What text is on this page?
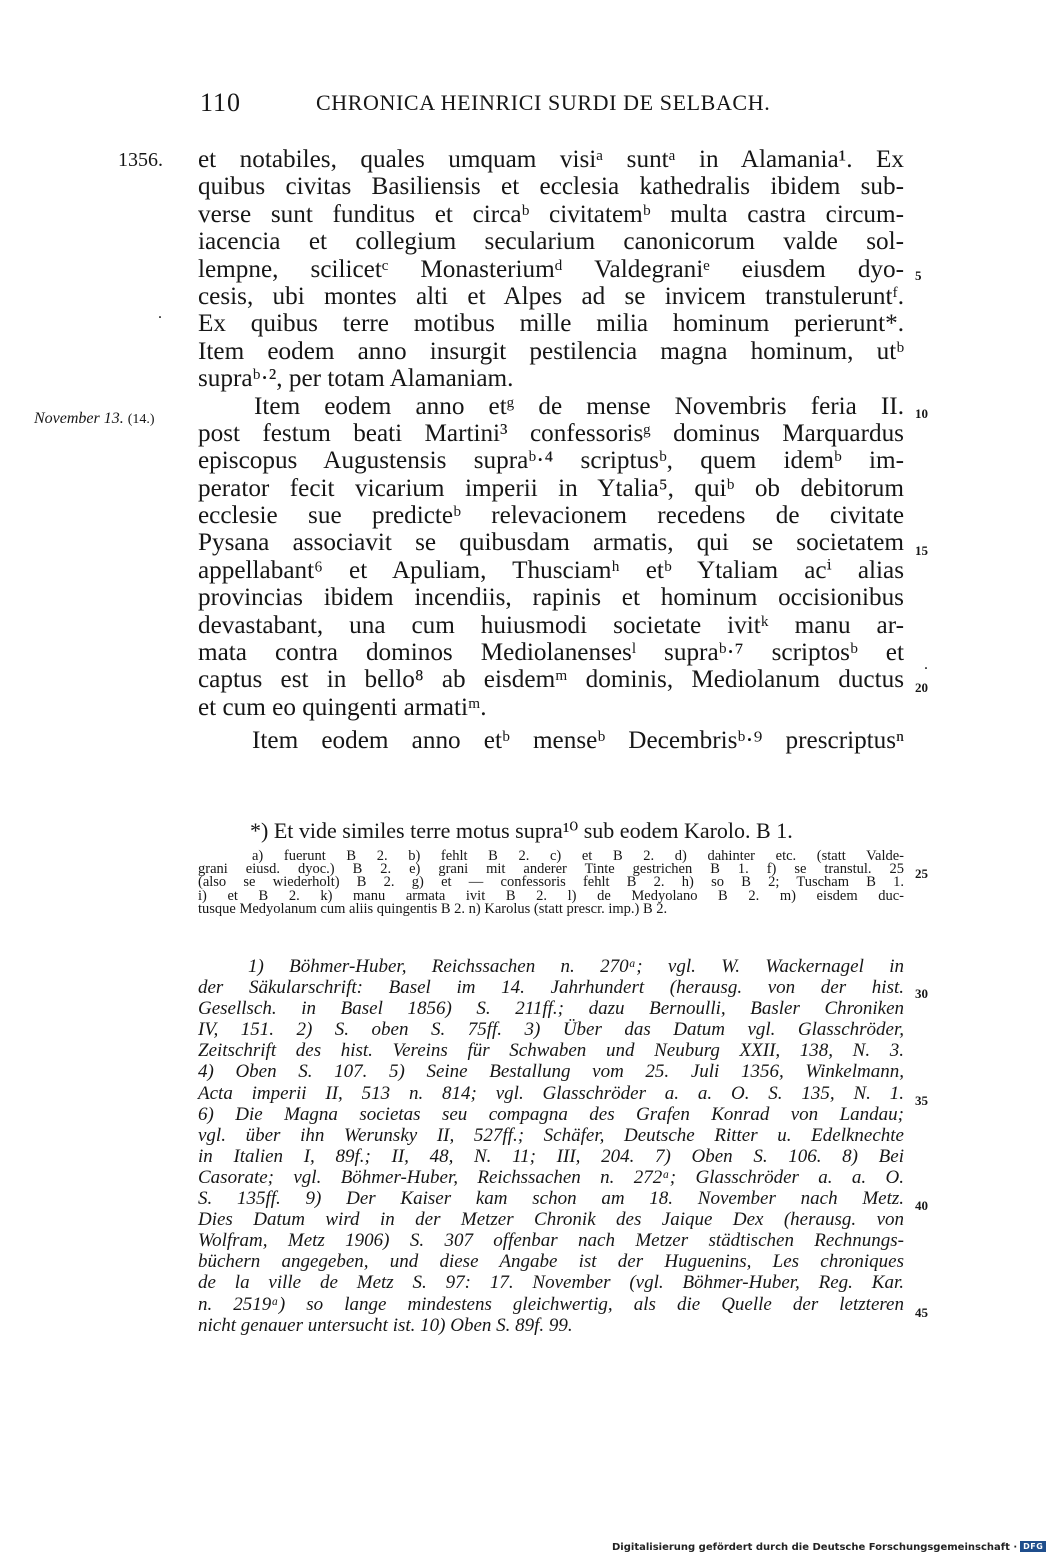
110	CHRONICA HEINRICI SURDI DE SELBACH.
1356.
November 13. (14.)
.
.
5
10
15
20
25
30
35
40
45
et notabiles, quales umquam visiᵃ suntᵃ in Alamania¹. Ex
quibus civitas Basiliensis et ecclesia kathedralis ibidem sub-
verse sunt funditus et circaᵇ civitatemᵇ multa castra circum-
iacencia et collegium secularium canonicorum valde sol-
lempne, scilicetᶜ Monasteriumᵈ Valdegraniᵉ eiusdem dyo-
cesis, ubi montes alti et Alpes ad se invicem transtuleruntᶠ.
Ex quibus terre motibus mille milia hominum perierunt*.
Item eodem anno insurgit pestilencia magna hominum, utᵇ
supraᵇ·², per totam Alamaniam.
Item eodem anno etᵍ de mense Novembris feria II.
post festum beati Martini³ confessorisᵍ dominus Marquardus
episcopus Augustensis supraᵇ·⁴ scriptusᵇ, quem idemᵇ im-
perator fecit vicarium imperii in Ytalia⁵, quiᵇ ob debitorum
ecclesie sue predicteᵇ relevacionem recedens de civitate
Pysana associavit se quibusdam armatis, qui se societatem
appellabant⁶ et Apuliam, Thusciamʰ etᵇ Ytaliam acⁱ alias
provincias ibidem incendiis, rapinis et hominum occisionibus
devastabant, una cum huiusmodi societate ivitᵏ manu ar-
mata contra dominos Mediolanensesˡ supraᵇ·⁷ scriptosᵇ et
captus est in bello⁸ ab eisdemᵐ dominis, Mediolanum ductus
et cum eo quingenti armatiᵐ.
Item eodem anno etᵇ menseᵇ Decembrisᵇ·⁹ prescriptusⁿ
*) Et vide similes terre motus supra¹⁰ sub eodem Karolo. B 1.
a) fuerunt B 2. b) fehlt B 2. c) et B 2. d) dahinter etc. (statt Valde-
grani eiusd. dyoc.) B 2. e) grani mit anderer Tinte gestrichen B 1. f) se transtul. 25
(also se wiederholt) B 2. g) et — confessoris fehlt B 2. h) so B 2; Tuscham B 1.
i) et B 2. k) manu armata ivit B 2. l) de Medyolano B 2. m) eisdem duc-
tusque Medyolanum cum aliis quingentis B 2. n) Karolus (statt prescr. imp.) B 2.
1) Böhmer-Huber, Reichssachen n. 270ᵃ; vgl. W. Wackernagel in
der Säkularschrift: Basel im 14. Jahrhundert (herausg. von der hist.
Gesellsch. in Basel 1856) S. 211ff.; dazu Bernoulli, Basler Chroniken
IV, 151. 2) S. oben S. 75ff. 3) Über das Datum vgl. Glasschröder,
Zeitschrift des hist. Vereins für Schwaben und Neuburg XXII, 138, N. 3.
4) Oben S. 107. 5) Seine Bestallung vom 25. Juli 1356, Winkelmann,
Acta imperii II, 513 n. 814; vgl. Glasschröder a. a. O. S. 135, N. 1.
6) Die Magna societas seu compagna des Grafen Konrad von Landau;
vgl. über ihn Werunsky II, 527ff.; Schäfer, Deutsche Ritter u. Edelknechte
in Italien I, 89f.; II, 48, N. 11; III, 204. 7) Oben S. 106. 8) Bei
Casorate; vgl. Böhmer-Huber, Reichssachen n. 272ᵃ; Glasschröder a. a. O.
S. 135ff. 9) Der Kaiser kam schon am 18. November nach Metz.
Dies Datum wird in der Metzer Chronik des Jaique Dex (herausg. von
Wolfram, Metz 1906) S. 307 offenbar nach Metzer städtischen Rechnungs-
büchern angegeben, und diese Angabe ist der Huguenins, Les chroniques
de la ville de Metz S. 97: 17. November (vgl. Böhmer-Huber, Reg. Kar.
n. 2519ᵃ) so lange mindestens gleichwertig, als die Quelle der letzteren
nicht genauer untersucht ist. 10) Oben S. 89f. 99.
Digitalisierung gefördert durch die Deutsche Forschungsgemeinschaft · DFG
